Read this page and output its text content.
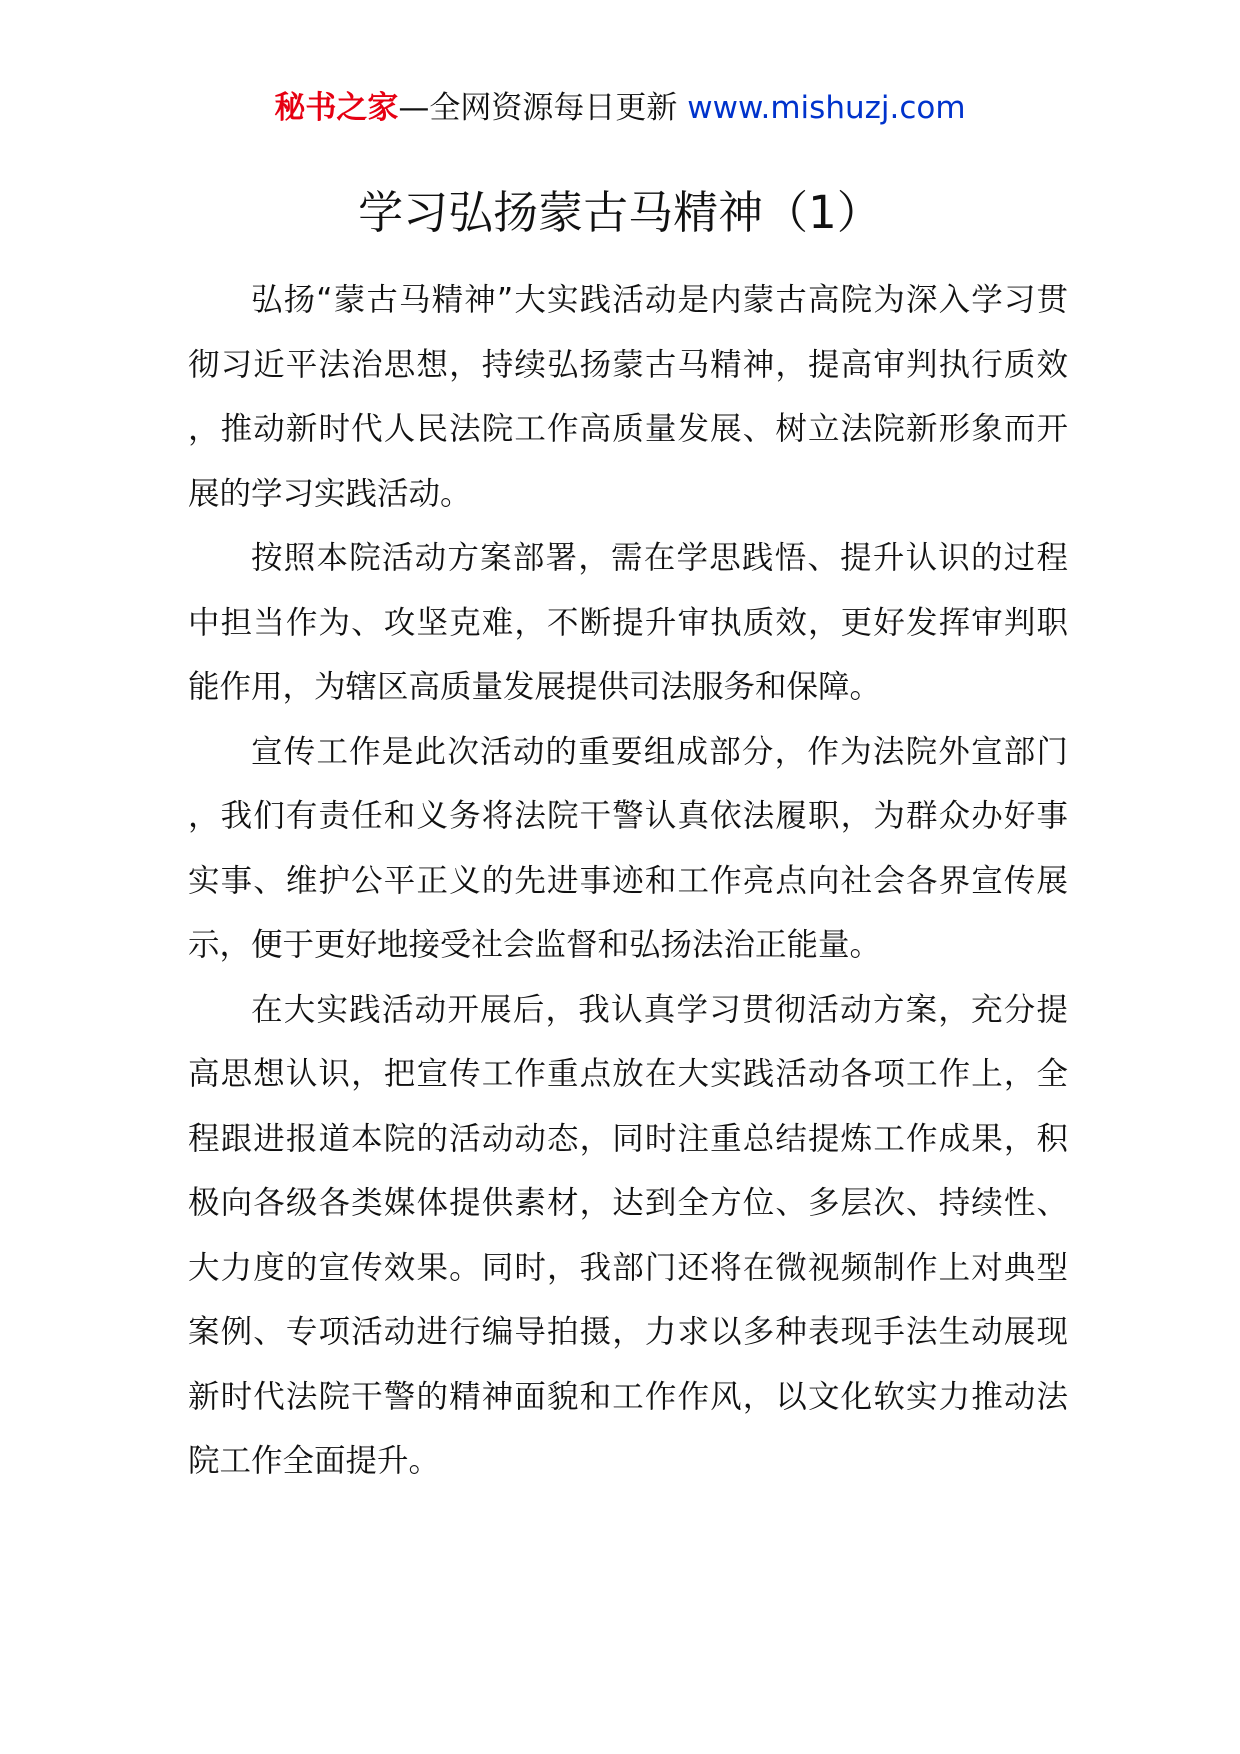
秘书之家—全网资源每日更新 www.mishuzj.com
学习弘扬蒙古马精神（1）

弘扬“蒙古马精神”大实践活动是内蒙古高院为深入学习贯彻习近平法治思想，持续弘扬蒙古马精神，提高审判执行质效，推动新时代人民法院工作高质量发展、树立法院新形象而开展的学习实践活动。

按照本院活动方案部署，需在学思践悟、提升认识的过程中担当作为、攻坚克难，不断提升审执质效，更好发挥审判职能作用，为辖区高质量发展提供司法服务和保障。

宣传工作是此次活动的重要组成部分，作为法院外宣部门，我们有责任和义务将法院干警认真依法履职，为群众办好事实事、维护公平正义的先进事迹和工作亮点向社会各界宣传展示，便于更好地接受社会监督和弘扬法治正能量。

在大实践活动开展后，我认真学习贯彻活动方案，充分提高思想认识，把宣传工作重点放在大实践活动各项工作上，全程跟进报道本院的活动动态，同时注重总结提炼工作成果，积极向各级各类媒体提供素材，达到全方位、多层次、持续性、大力度的宣传效果。同时，我部门还将在微视频制作上对典型案例、专项活动进行编导拍摄，力求以多种表现手法生动展现新时代法院干警的精神面貌和工作作风，以文化软实力推动法院工作全面提升。
